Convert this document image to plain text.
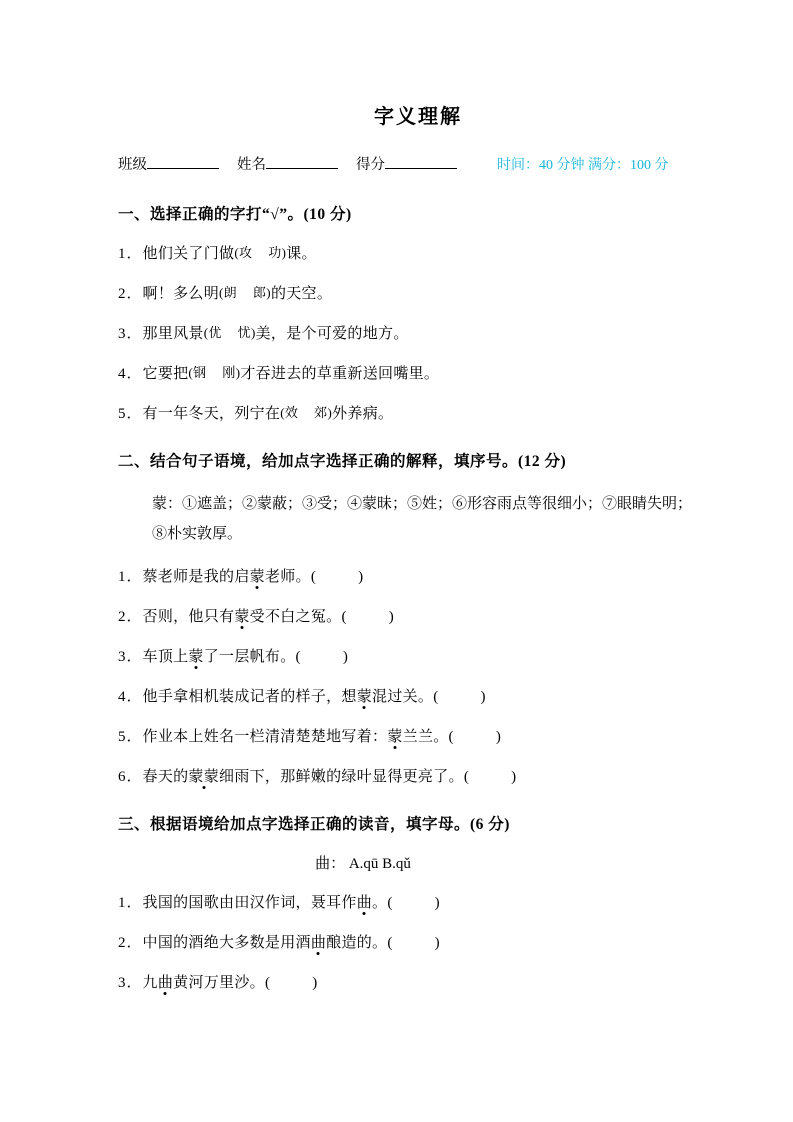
字义理解
班级	姓名	得分	时间：40 分钟 满分：100 分

一、选择正确的字打“√”。(10 分)

1．他们关了门做(攻 功)课。

2．啊！多么明(朗 郎)的天空。

3．那里风景(优 忧)美，是个可爱的地方。

4．它要把(钢 刚)才吞进去的草重新送回嘴里。

5．有一年冬天，列宁在(效 郊)外养病。

二、结合句子语境，给加点字选择正确的解释，填序号。(12 分)

蒙：①遮盖；②蒙蔽；③受；④蒙昧；⑤姓；⑥形容雨点等很细小；⑦眼睛失明；⑧朴实敦厚。

1．蔡老师是我的启蒙老师。(	)

2．否则，他只有蒙受不白之冤。(	)

3．车顶上蒙了一层帆布。(	)

4．他手拿相机装成记者的样子，想蒙混过关。(	)

5．作业本上姓名一栏清清楚楚地写着：蒙兰兰。(	)

6．春天的蒙蒙细雨下，那鲜嫩的绿叶显得更亮了。(	)

三、根据语境给加点字选择正确的读音，填字母。(6 分)

曲： A.qū B.qǔ

1．我国的国歌由田汉作词，聂耳作曲。(	)

2．中国的酒绝大多数是用酒曲酿造的。(	)

3．九曲黄河万里沙。(	)
